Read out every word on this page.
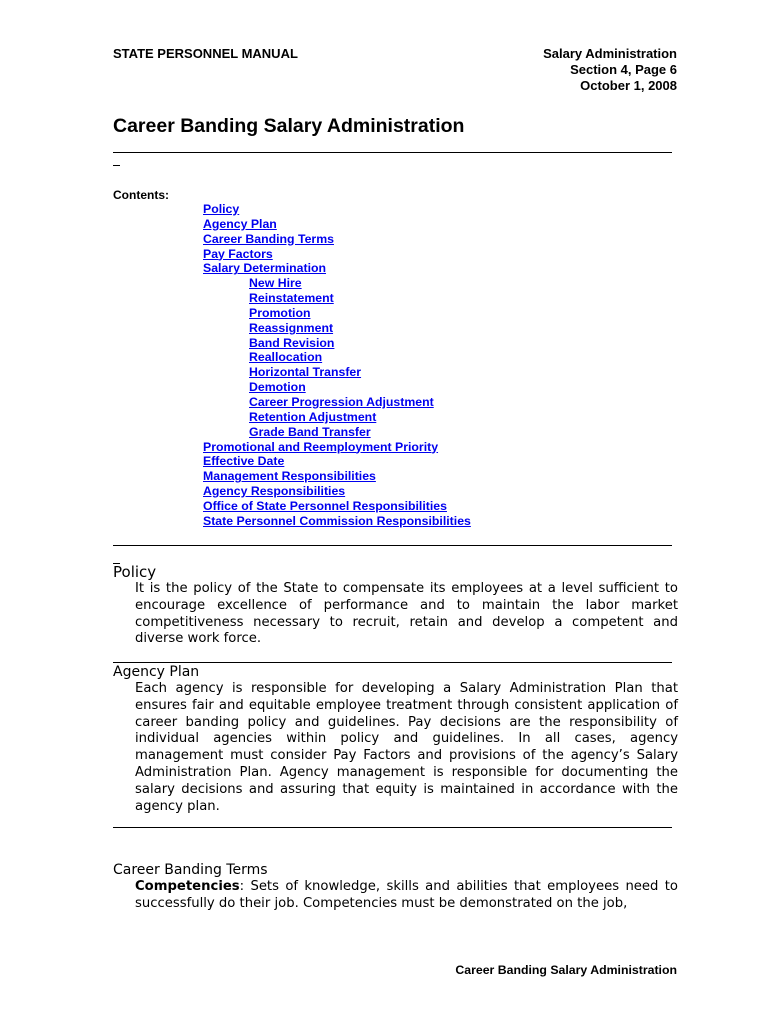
STATE PERSONNEL MANUAL	Salary Administration
Section 4, Page 6
October 1, 2008
Career Banding Salary Administration
Contents:
Policy
Agency Plan
Career Banding Terms
Pay Factors
Salary Determination
New Hire
Reinstatement
Promotion
Reassignment
Band Revision
Reallocation
Horizontal Transfer
Demotion
Career Progression Adjustment
Retention Adjustment
Grade Band Transfer
Promotional and Reemployment Priority
Effective Date
Management Responsibilities
Agency Responsibilities
Office of State Personnel Responsibilities
State Personnel Commission Responsibilities
Policy

It is the policy of the State to compensate its employees at a level sufficient to encourage excellence of performance and to maintain the labor market competitiveness necessary to recruit, retain and develop a competent and diverse work force.

Agency Plan

Each agency is responsible for developing a Salary Administration Plan that ensures fair and equitable employee treatment through consistent application of career banding policy and guidelines. Pay decisions are the responsibility of individual agencies within policy and guidelines. In all cases, agency management must consider Pay Factors and provisions of the agency’s Salary Administration Plan. Agency management is responsible for documenting the salary decisions and assuring that equity is maintained in accordance with the agency plan.

Career Banding Terms

Competencies: Sets of knowledge, skills and abilities that employees need to successfully do their job. Competencies must be demonstrated on the job,

Career Banding Salary Administration
